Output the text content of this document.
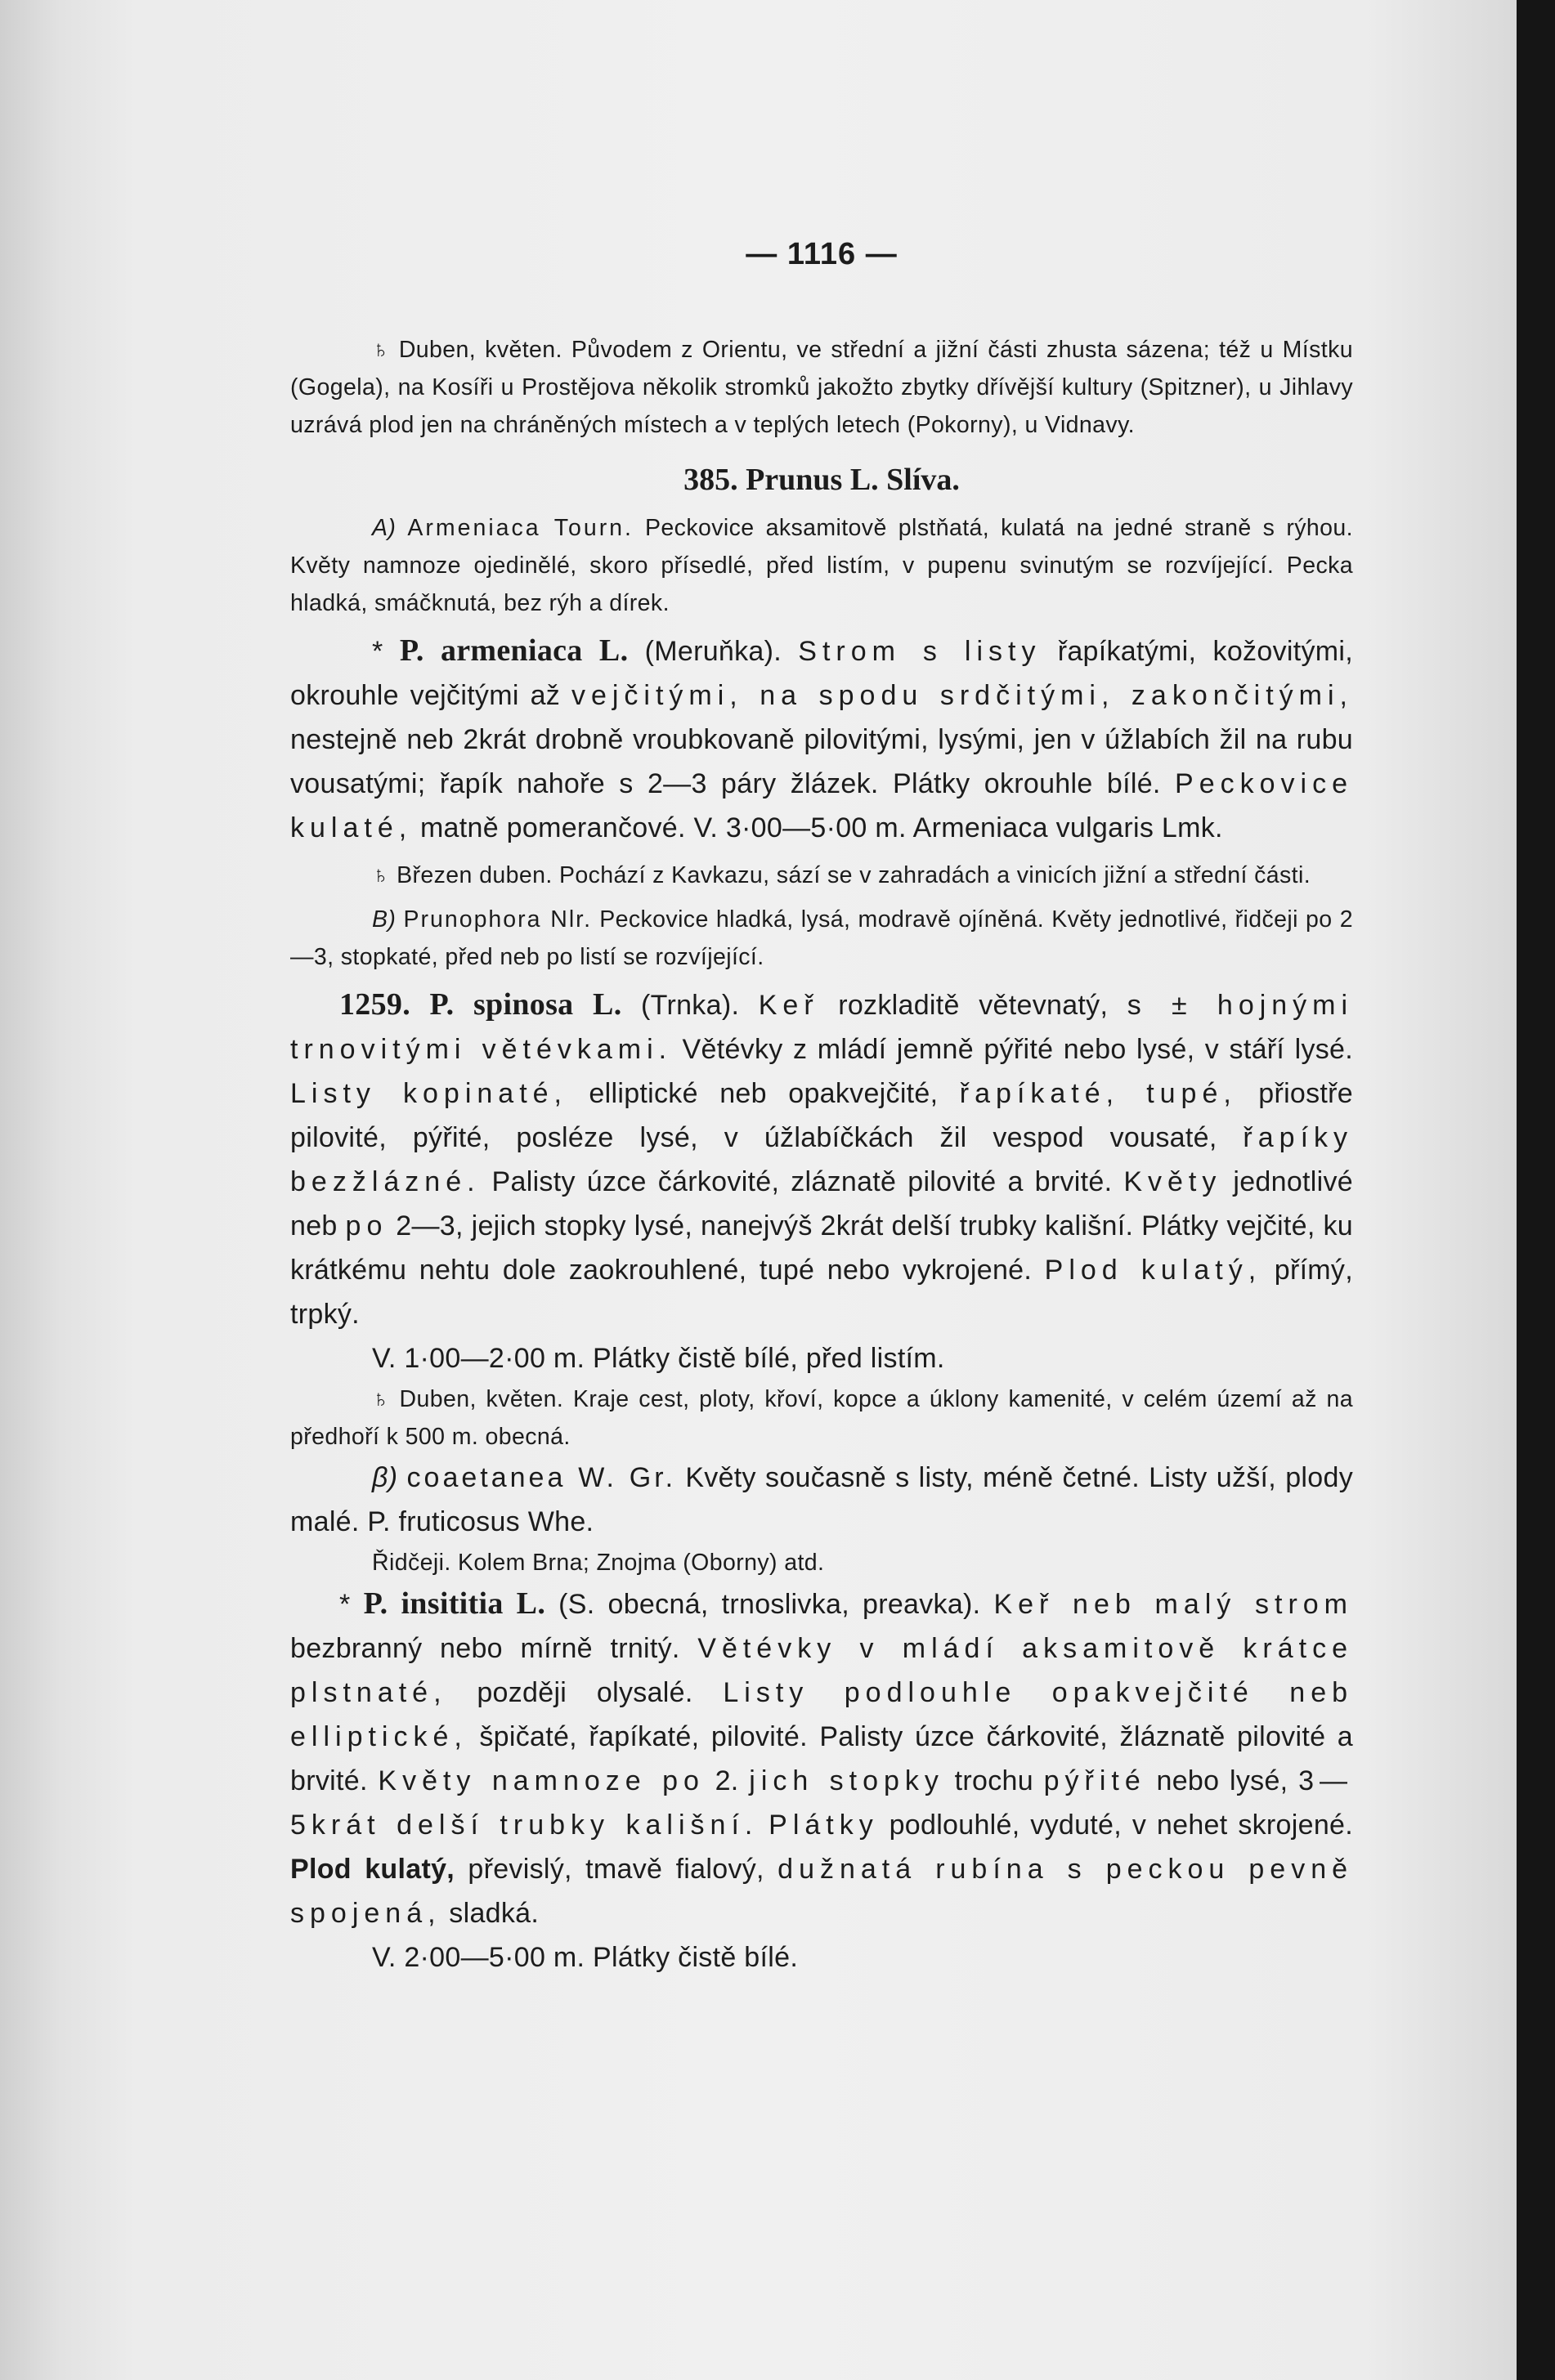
— 1116 —

♄ Duben, květen. Původem z Orientu, ve střední a jižní části zhusta sázena; též u Místku (Gogela), na Kosíři u Prostějova několik stromků jakožto zbytky dřívější kultury (Spitzner), u Jihlavy uzrává plod jen na chráněných místech a v teplých letech (Pokorny), u Vidnavy.

385. Prunus L. Slíva.

A) Armeniaca Tourn. Peckovice aksamitově plstňatá, kulatá na jedné straně s rýhou. Květy namnoze ojedinělé, skoro přísedlé, před listím, v pupenu svinutým se rozvíjející. Pecka hladká, smáčknutá, bez rýh a dírek.

* P. armeniaca L. (Meruňka). Strom s listy řapíkatými, kožovitými, okrouhle vejčitými až vejčitými, na spodu srdčitými, zakončitými, nestejně neb 2krát drobně vroubkovaně pilovitými, lysými, jen v úžlabích žil na rubu vousatými; řapík nahoře s 2—3 páry žlázek. Plátky okrouhle bílé. Peckovice kulaté, matně pomerančové. V. 3·00—5·00 m. Armeniaca vulgaris Lmk.

♄ Březen duben. Pochází z Kavkazu, sází se v zahradách a vinicích jižní a střední části.

B) Prunophora Nlr. Peckovice hladká, lysá, modravě ojíněná. Květy jednotlivé, řidčeji po 2—3, stopkaté, před neb po listí se rozvíjející.

1259. P. spinosa L. (Trnka). Keř rozkladitě větevnatý, s ± hojnými trnovitými větévkami. Větévky z mládí jemně pýřité nebo lysé, v stáří lysé. Listy kopinaté, elliptické neb opakvejčité, řapíkaté, tupé, přiostře pilovité, pýřité, posléze lysé, v úžlabíčkách žil vespod vousaté, řapíky bezžlázné. Palisty úzce čárkovité, zláznatě pilovité a brvité. Květy jednotlivé neb po 2—3, jejich stopky lysé, nanejvýš 2krát delší trubky kališní. Plátky vejčité, ku krátkému nehtu dole zaokrouhlené, tupé nebo vykrojené. Plod kulatý, přímý, trpký.

V. 1·00—2·00 m. Plátky čistě bílé, před listím.

♄ Duben, květen. Kraje cest, ploty, křoví, kopce a úklony kamenité, v celém území až na předhoří k 500 m. obecná.

β) coaetanea W. Gr. Květy současně s listy, méně četné. Listy užší, plody malé. P. fruticosus Whe.

Řidčeji. Kolem Brna; Znojma (Oborny) atd.

* P. insititia L. (S. obecná, trnoslivka, preavka). Keř neb malý strom bezbranný nebo mírně trnitý. Větévky v mládí aksamitově krátce plstnaté, později olysalé. Listy podlouhle opakvejčité neb elliptické, špičaté, řapíkaté, pilovité. Palisty úzce čárkovité, žláznatě pilovité a brvité. Květy namnoze po 2. jich stopky trochu pýřité nebo lysé, 3—5krát delší trubky kališní. Plátky podlouhlé, vyduté, v nehet skrojené. Plod kulatý, převislý, tmavě fialový, dužnatá rubína s peckou pevně spojená, sladká.

V. 2·00—5·00 m. Plátky čistě bílé.
